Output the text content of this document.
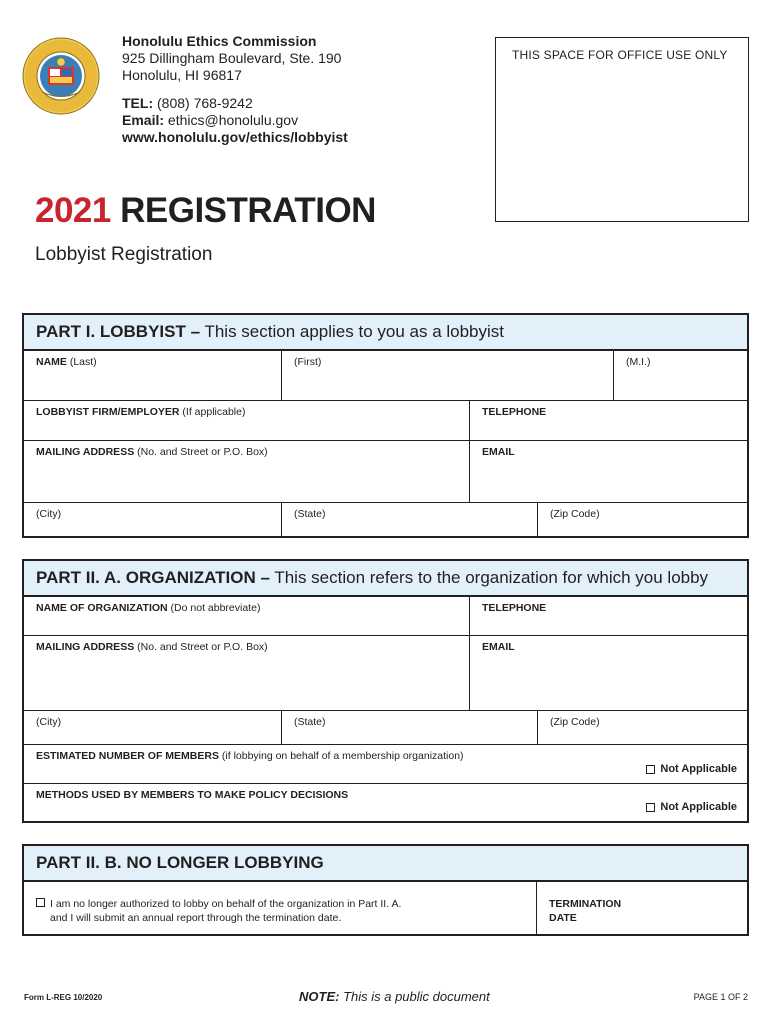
Honolulu Ethics Commission
925 Dillingham Boulevard, Ste. 190
Honolulu, HI 96817
TEL: (808) 768-9242
Email: ethics@honolulu.gov
www.honolulu.gov/ethics/lobbyist
THIS SPACE FOR OFFICE USE ONLY
2021 REGISTRATION
Lobbyist Registration
PART I. LOBBYIST – This section applies to you as a lobbyist
NAME (Last)	(First)	(M.I.)
LOBBYIST FIRM/EMPLOYER (If applicable)	TELEPHONE
MAILING ADDRESS (No. and Street or P.O. Box)	EMAIL
(City)	(State)	(Zip Code)
PART II. A. ORGANIZATION – This section refers to the organization for which you lobby
NAME OF ORGANIZATION (Do not abbreviate)	TELEPHONE
MAILING ADDRESS (No. and Street or P.O. Box)	EMAIL
(City)	(State)	(Zip Code)
ESTIMATED NUMBER OF MEMBERS (if lobbying on behalf of a membership organization)
Not Applicable
METHODS USED BY MEMBERS TO MAKE POLICY DECISIONS
Not Applicable
PART II. B. NO LONGER LOBBYING
I am no longer authorized to lobby on behalf of the organization in Part II. A.
and I will submit an annual report through the termination date.
TERMINATION
DATE
Form L-REG 10/2020	NOTE: This is a public document	PAGE 1 OF 2
